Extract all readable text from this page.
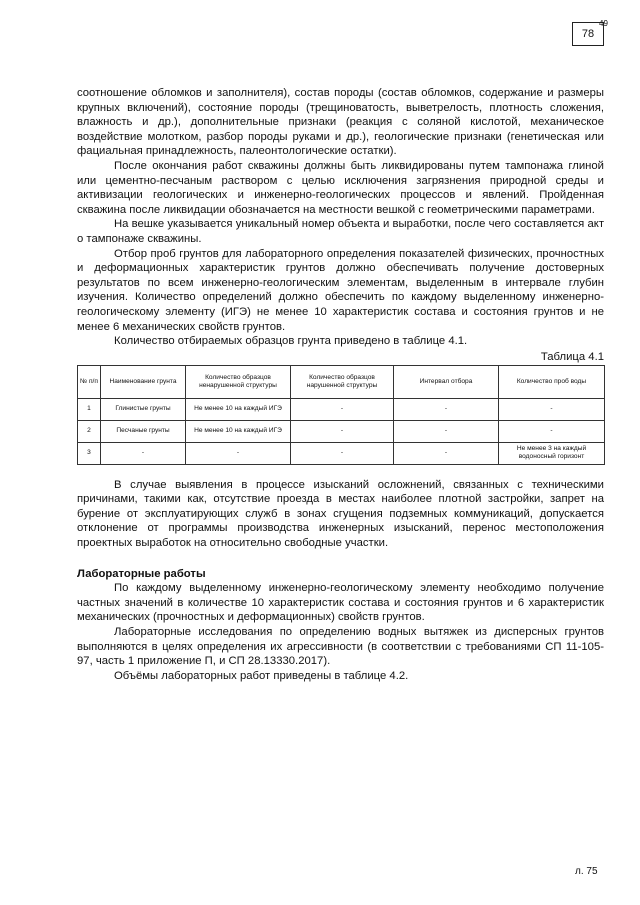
78
49

соотношение обломков и заполнителя), состав породы (состав обломков, содержание и размеры крупных включений), состояние породы (трещиноватость, выветрелость, плотность сложения, влажность и др.), дополнительные признаки (реакция с соляной кислотой, механическое воздействие молотком, разбор породы руками и др.), геологические признаки (генетическая или фациальная принадлежность, палеонтологические остатки).

После окончания работ скважины должны быть ликвидированы путем тампонажа глиной или цементно-песчаным раствором с целью исключения загрязнения природной среды и активизации геологических и инженерно-геологических процессов и явлений. Пройденная скважина после ликвидации обозначается на местности вешкой с геометрическими параметрами.

На вешке указывается уникальный номер объекта и выработки, после чего составляется акт о тампонаже скважины.

Отбор проб грунтов для лабораторного определения показателей физических, прочностных и деформационных характеристик грунтов должно обеспечивать получение достоверных результатов по всем инженерно-геологическим элементам, выделенным в интервале глубин изучения. Количество определений должно обеспечить по каждому выделенному инженерно-геологическому элементу (ИГЭ) не менее 10 характеристик состава и состояния грунтов и не менее 6 механических свойств грунтов.

Количество отбираемых образцов грунта приведено в таблице 4.1.

Таблица 4.1
№ п/п	Наименование грунта	Количество образцов ненарушенной структуры	Количество образцов нарушенной структуры	Интервал отбора	Количество проб воды
1	Глинистые грунты	Не менее 10 на каждый ИГЭ	-	-	-
2	Песчаные грунты	Не менее 10 на каждый ИГЭ	-	-	-
3	-	-	-	-	Не менее 3 на каждый водоносный горизонт

В случае выявления в процессе изысканий осложнений, связанных с техническими причинами, такими как, отсутствие проезда в местах наиболее плотной застройки, запрет на бурение от эксплуатирующих служб в зонах сгущения подземных коммуникаций, допускается отклонение от программы производства инженерных изысканий, перенос местоположения проектных выработок на относительно свободные участки.

Лабораторные работы

По каждому выделенному инженерно-геологическому элементу необходимо получение частных значений в количестве 10 характеристик состава и состояния грунтов и 6 характеристик механических (прочностных и деформационных) свойств грунтов.

Лабораторные исследования по определению водных вытяжек из дисперсных грунтов выполняются в целях определения их агрессивности (в соответствии с требованиями СП 11-105-97, часть 1 приложение П, и СП 28.13330.2017).

Объёмы лабораторных работ приведены в таблице 4.2.

л. 75
